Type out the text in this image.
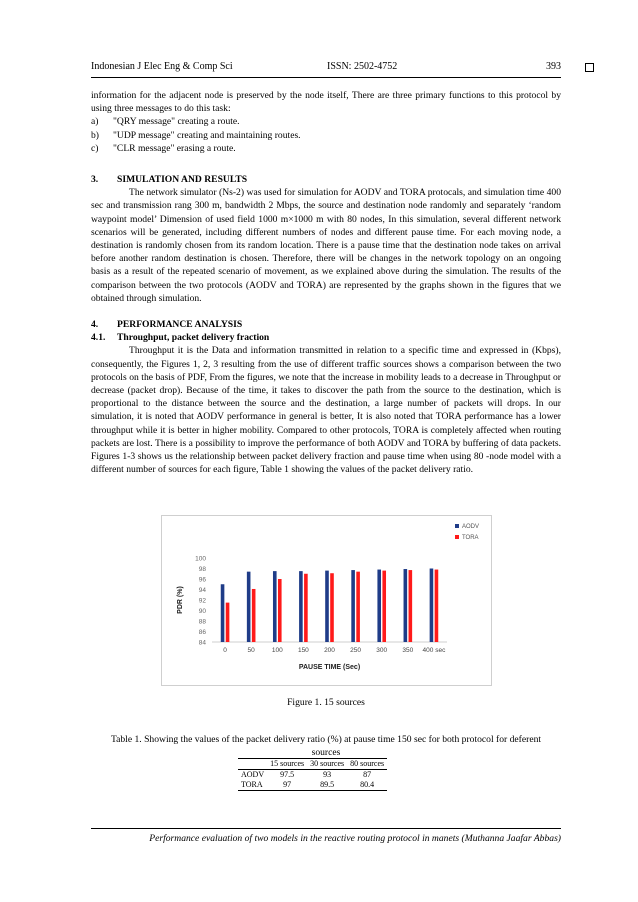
Indonesian J Elec Eng & Comp Sci	ISSN: 2502-4752	393

information for the adjacent node is preserved by the node itself, There are three primary functions to this protocol by using three messages to do this task:

a)	"QRY message" creating a route.
b)	"UDP message" creating and maintaining routes.
c)	"CLR message" erasing a route.

3. SIMULATION AND RESULTS

The network simulator (Ns-2) was used for simulation for AODV and TORA protocals, and simulation time 400 sec and transmission rang 300 m, bandwidth 2 Mbps, the source and destination node randomly and separately ‘random waypoint model’ Dimension of used field 1000 m×1000 m with 80 nodes, In this simulation, several different network scenarios will be generated, including different numbers of nodes and different pause time. For each moving node, a destination is randomly chosen from its random location. There is a pause time that the destination node takes on arrival before another random destination is chosen. Therefore, there will be changes in the network topology on an ongoing basis as a result of the repeated scenario of movement, as we explained above during the simulation. The results of the comparison between the two protocols (AODV and TORA) are represented by the graphs shown in the figures that we obtained through simulation.

4. PERFORMANCE ANALYSIS

4.1. Throughput, packet delivery fraction

Throughput it is the Data and information transmitted in relation to a specific time and expressed in (Kbps), consequently, the Figures 1, 2, 3 resulting from the use of different traffic sources shows a comparison between the two protocols on the basis of PDF, From the figures, we note that the increase in mobility leads to a decrease in Throughput or decrease (packet drop). Because of the time, it takes to discover the path from the source to the destination, which is proportional to the distance between the source and the destination, a large number of packets will drops. In our simulation, it is noted that AODV performance in general is better, It is also noted that TORA performance has a lower throughput while it is better in higher mobility. Compared to other protocols, TORA is completely affected when routing packets are lost. There is a possibility to improve the performance of both AODV and TORA by buffering of data packets. Figures 1-3 shows us the relationship between packet delivery fraction and pause time when using 80 -node model with a different number of sources for each figure, Table 1 showing the values of the packet delivery ratio.

84
86
88
90
92
94
96
98
100
0	50	100 150 200 250 300 350 400 sec
PDR (%)
PAUSE TIME (Sec)
AODV
TORA
Figure 1. 15 sources
Table 1. Showing the values of the packet delivery ratio (%) at pause time 150 sec for both protocol for deferent sources
	15 sources	30 sources	80 sources
AODV	97.5	93	87
TORA	97	89.5	80.4
Performance evaluation of two models in the reactive routing protocol in manets (Muthanna Jaafar Abbas)
